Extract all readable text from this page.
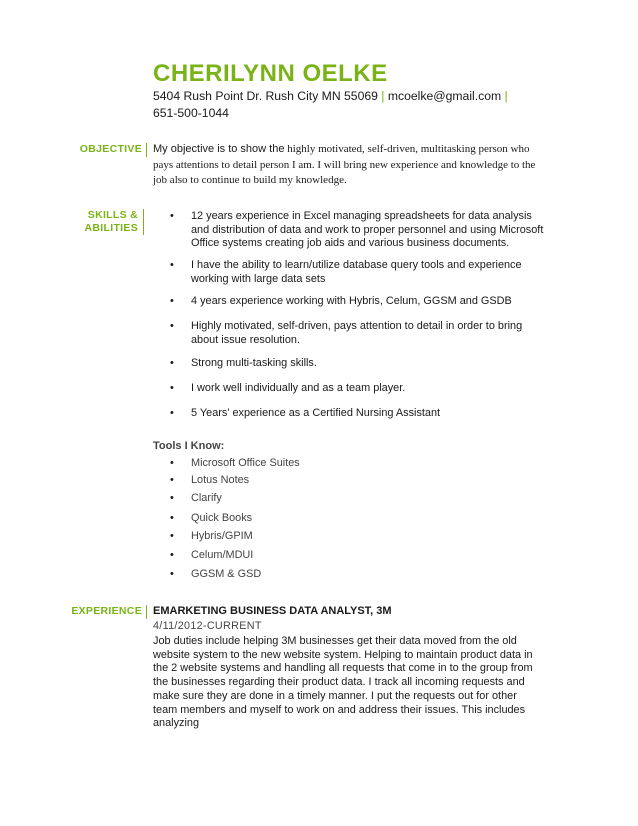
CHERILYNN OELKE
5404 Rush Point Dr. Rush City MN 55069 | mcoelke@gmail.com |
651-500-1044
OBJECTIVE	My objective is to show the highly motivated, self-driven, multitasking person who pays attentions to detail person I am. I will bring new experience and knowledge to the job also to continue to build my knowledge.
SKILLS &
ABILITIES
• 12 years experience in Excel managing spreadsheets for data analysis and distribution of data and work to proper personnel and using Microsoft Office systems creating job aids and various business documents.
• I have the ability to learn/utilize database query tools and experience working with large data sets
• 4 years experience working with Hybris, Celum, GGSM and GSDB
• Highly motivated, self-driven, pays attention to detail in order to bring about issue resolution.
• Strong multi-tasking skills.
• I work well individually and as a team player.
• 5 Years' experience as a Certified Nursing Assistant
Tools I Know:
• Microsoft Office Suites
• Lotus Notes
• Clarify
• Quick Books
• Hybris/GPIM
• Celum/MDUI
• GGSM & GSD
EXPERIENCE	EMARKETING BUSINESS DATA ANALYST, 3M
4/11/2012-CURRENT
Job duties include helping 3M businesses get their data moved from the old website system to the new website system. Helping to maintain product data in the 2 website systems and handling all requests that come in to the group from the businesses regarding their product data. I track all incoming requests and make sure they are done in a timely manner. I put the requests out for other team members and myself to work on and address their issues. This includes analyzing
